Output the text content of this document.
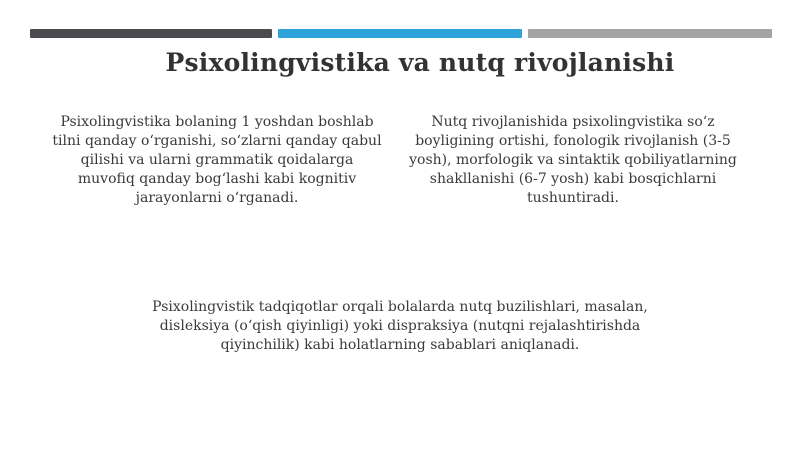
Psixolingvistika va nutq rivojlanishi

Psixolingvistika bolaning 1 yoshdan boshlab tilni qanday o‘rganishi, so‘zlarni qanday qabul qilishi va ularni grammatik qoidalarga muvofiq qanday bog‘lashi kabi kognitiv jarayonlarni o‘rganadi.

Nutq rivojlanishida psixolingvistika so‘z boyligining ortishi, fonologik rivojlanish (3-5 yosh), morfologik va sintaktik qobiliyatlarning shakllanishi (6-7 yosh) kabi bosqichlarni tushuntiradi.

Psixolingvistik tadqiqotlar orqali bolalarda nutq buzilishlari, masalan, disleksiya (o‘qish qiyinligi) yoki dispraksiya (nutqni rejalashtirishda qiyinchilik) kabi holatlarning sabablari aniqlanadi.
